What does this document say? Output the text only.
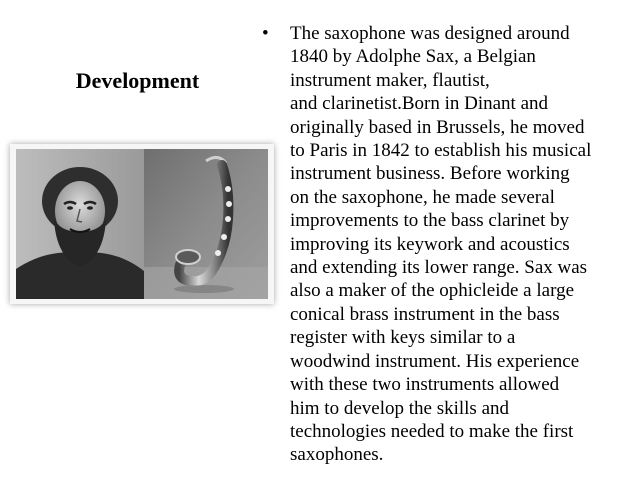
Development
•	The saxophone was designed around
1840 by Adolphe Sax, a Belgian
instrument maker, flautist,
and clarinetist.Born in Dinant and
originally based in Brussels, he moved
to Paris in 1842 to establish his musical
instrument business. Before working
on the saxophone, he made several
improvements to the bass clarinet by
improving its keywork and acoustics
and extending its lower range. Sax was
also a maker of the ophicleide a large
conical brass instrument in the bass
register with keys similar to a
woodwind instrument. His experience
with these two instruments allowed
him to develop the skills and
technologies needed to make the first
saxophones.
